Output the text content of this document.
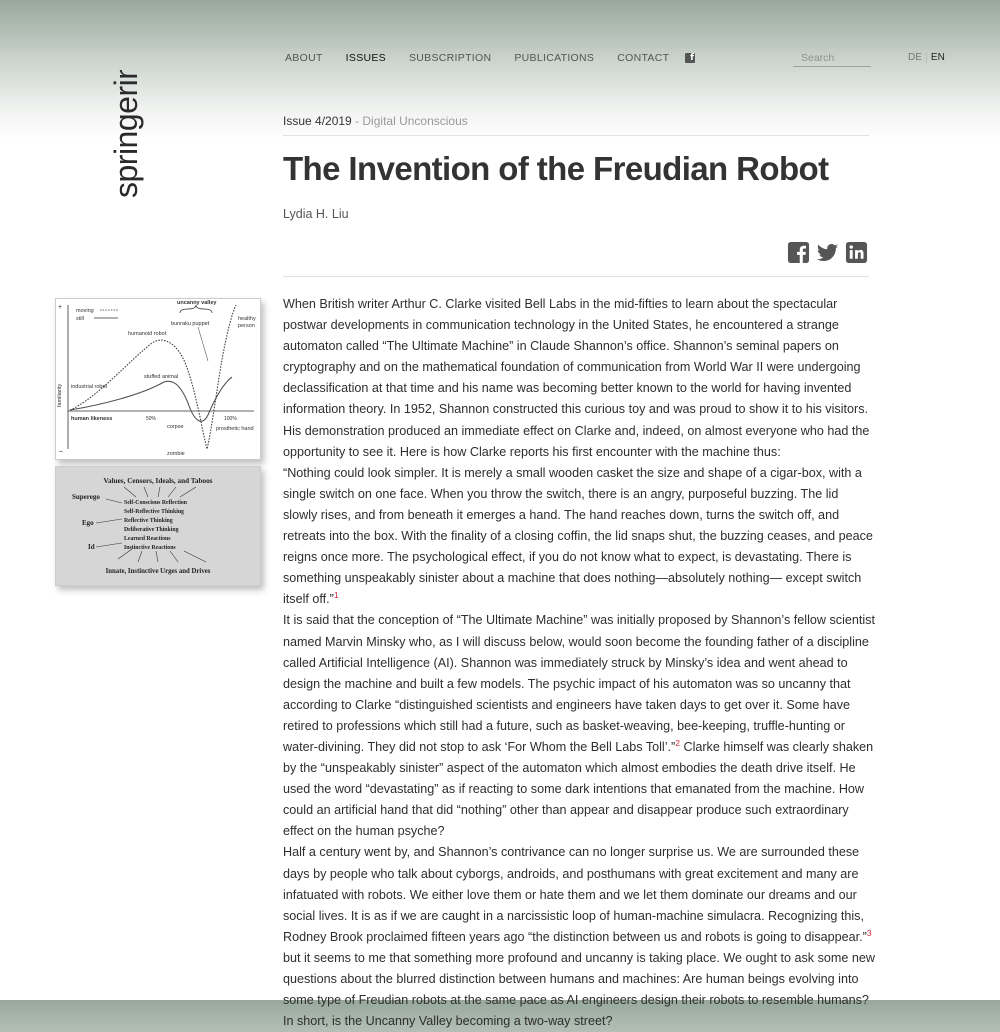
springerin
ABOUT ISSUES SUBSCRIPTION PUBLICATIONS CONTACT f
Search	DE EN
Issue 4/2019 - Digital Unconscious
The Invention of the Freudian Robot
Lydia H. Liu
+
–
moving
still
uncanny valley
healthy
person
bunraku puppet
humanoid robot
stuffed animal
industrial robot
familiarity
human likeness	50%	100%
corpse	prosthetic hand
zombie
Values, Censors, Ideals, and Taboos
Superego
Ego
Id
Self-Conscious Reflection
Self-Reflective Thinking
Reflective Thinking
Deliberative Thinking
Learned Reactions
Instinctive Reactions
Innate, Instinctive Urges and Drives

When British writer Arthur C. Clarke visited Bell Labs in the mid-fifties to learn about the spectacular postwar developments in communication technology in the United States, he encountered a strange automaton called “The Ultimate Machine” in Claude Shannon’s office. Shannon’s seminal papers on cryptography and on the mathematical foundation of communication from World War II were undergoing declassification at that time and his name was becoming better known to the world for having invented information theory. In 1952, Shannon constructed this curious toy and was proud to show it to his visitors. His demonstration produced an immediate effect on Clarke and, indeed, on almost everyone who had the opportunity to see it. Here is how Clarke reports his first encounter with the machine thus:

“Nothing could look simpler. It is merely a small wooden casket the size and shape of a cigar-box, with a single switch on one face. When you throw the switch, there is an angry, purposeful buzzing. The lid slowly rises, and from beneath it emerges a hand. The hand reaches down, turns the switch off, and retreats into the box. With the finality of a closing coffin, the lid snaps shut, the buzzing ceases, and peace reigns once more. The psychological effect, if you do not know what to expect, is devastating. There is something unspeakably sinister about a machine that does nothing—absolutely nothing— except switch itself off.”$^1$

It is said that the conception of “The Ultimate Machine” was initially proposed by Shannon’s fellow scientist named Marvin Minsky who, as I will discuss below, would soon become the founding father of a discipline called Artificial Intelligence (AI). Shannon was immediately struck by Minsky’s idea and went ahead to design the machine and built a few models. The psychic impact of his automaton was so uncanny that according to Clarke “distinguished scientists and engineers have taken days to get over it. Some have retired to professions which still had a future, such as basket-weaving, bee-keeping, truffle-hunting or water-divining. They did not stop to ask ‘For Whom the Bell Labs Toll’.”$^2$ Clarke himself was clearly shaken by the “unspeakably sinister” aspect of the automaton which almost embodies the death drive itself. He used the word “devastating” as if reacting to some dark intentions that emanated from the machine. How could an artificial hand that did “nothing” other than appear and disappear produce such extraordinary effect on the human psyche?

Half a century went by, and Shannon’s contrivance can no longer surprise us. We are surrounded these days by people who talk about cyborgs, androids, and posthumans with great excitement and many are infatuated with robots. We either love them or hate them and we let them dominate our dreams and our social lives. It is as if we are caught in a narcissistic loop of human-machine simulacra. Recognizing this, Rodney Brook proclaimed fifteen years ago “the distinction between us and robots is going to disappear.”$^3$ but it seems to me that something more profound and uncanny is taking place. We ought to ask some new questions about the blurred distinction between humans and machines: Are human beings evolving into some type of Freudian robots at the same pace as AI engineers design their robots to resemble humans? In short, is the Uncanny Valley becoming a two-way street?
